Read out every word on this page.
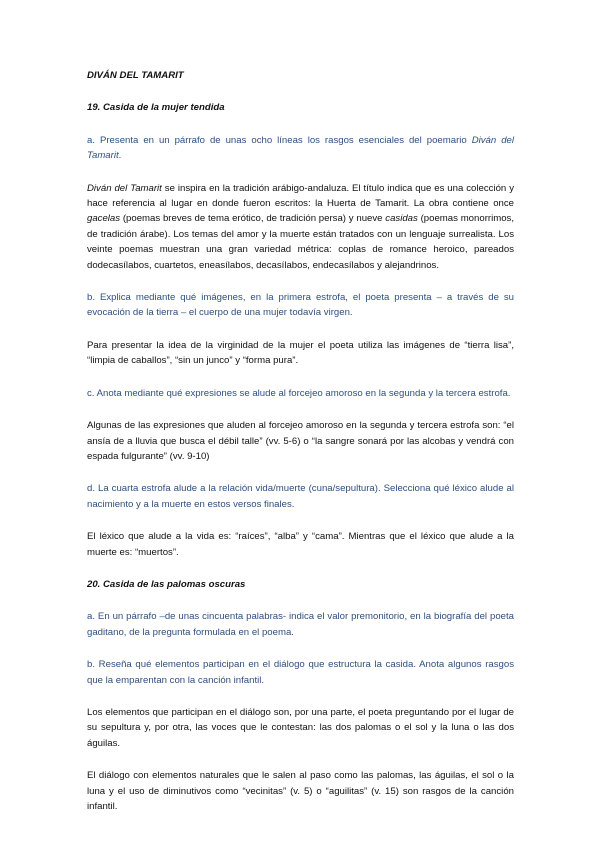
DIVÁN DEL TAMARIT

19. Casida de la mujer tendida

a. Presenta en un párrafo de unas ocho líneas los rasgos esenciales del poemario Diván del Tamarit.

Diván del Tamarit se inspira en la tradición arábigo-andaluza. El título indica que es una colección y hace referencia al lugar en donde fueron escritos: la Huerta de Tamarit. La obra contiene once gacelas (poemas breves de tema erótico, de tradición persa) y nueve casidas (poemas monorrimos, de tradición árabe). Los temas del amor y la muerte están tratados con un lenguaje surrealista. Los veinte poemas muestran una gran variedad métrica: coplas de romance heroico, pareados dodecasílabos, cuartetos, eneasílabos, decasílabos, endecasílabos y alejandrinos.

b. Explica mediante qué imágenes, en la primera estrofa, el poeta presenta – a través de su evocación de la tierra – el cuerpo de una mujer todavía virgen.

Para presentar la idea de la virginidad de la mujer el poeta utiliza las imágenes de “tierra lisa”, “limpia de caballos”, “sin un junco” y “forma pura”.

c. Anota mediante qué expresiones se alude al forcejeo amoroso en la segunda y la tercera estrofa.

Algunas de las expresiones que aluden al forcejeo amoroso en la segunda y tercera estrofa son: “el ansía de a lluvia que busca el débil talle” (vv. 5-6) o “la sangre sonará por las alcobas y vendrá con espada fulgurante” (vv. 9-10)

d. La cuarta estrofa alude a la relación vida/muerte (cuna/sepultura). Selecciona qué léxico alude al nacimiento y a la muerte en estos versos finales.

El léxico que alude a la vida es: “raíces”, “alba” y “cama”. Mientras que el léxico que alude a la muerte es: “muertos”.

20. Casida de las palomas oscuras

a. En un párrafo –de unas cincuenta palabras- indica el valor premonitorio, en la biografía del poeta gaditano, de la pregunta formulada en el poema.

b. Reseña qué elementos participan en el diálogo que estructura la casida. Anota algunos rasgos que la emparentan con la canción infantil.

Los elementos que participan en el diálogo son, por una parte, el poeta preguntando por el lugar de su sepultura y, por otra, las voces que le contestan: las dos palomas o el sol y la luna o las dos águilas.

El diálogo con elementos naturales que le salen al paso como las palomas, las águilas, el sol o la luna y el uso de diminutivos como “vecinitas” (v. 5) o “aguilitas” (v. 15) son rasgos de la canción infantil.
